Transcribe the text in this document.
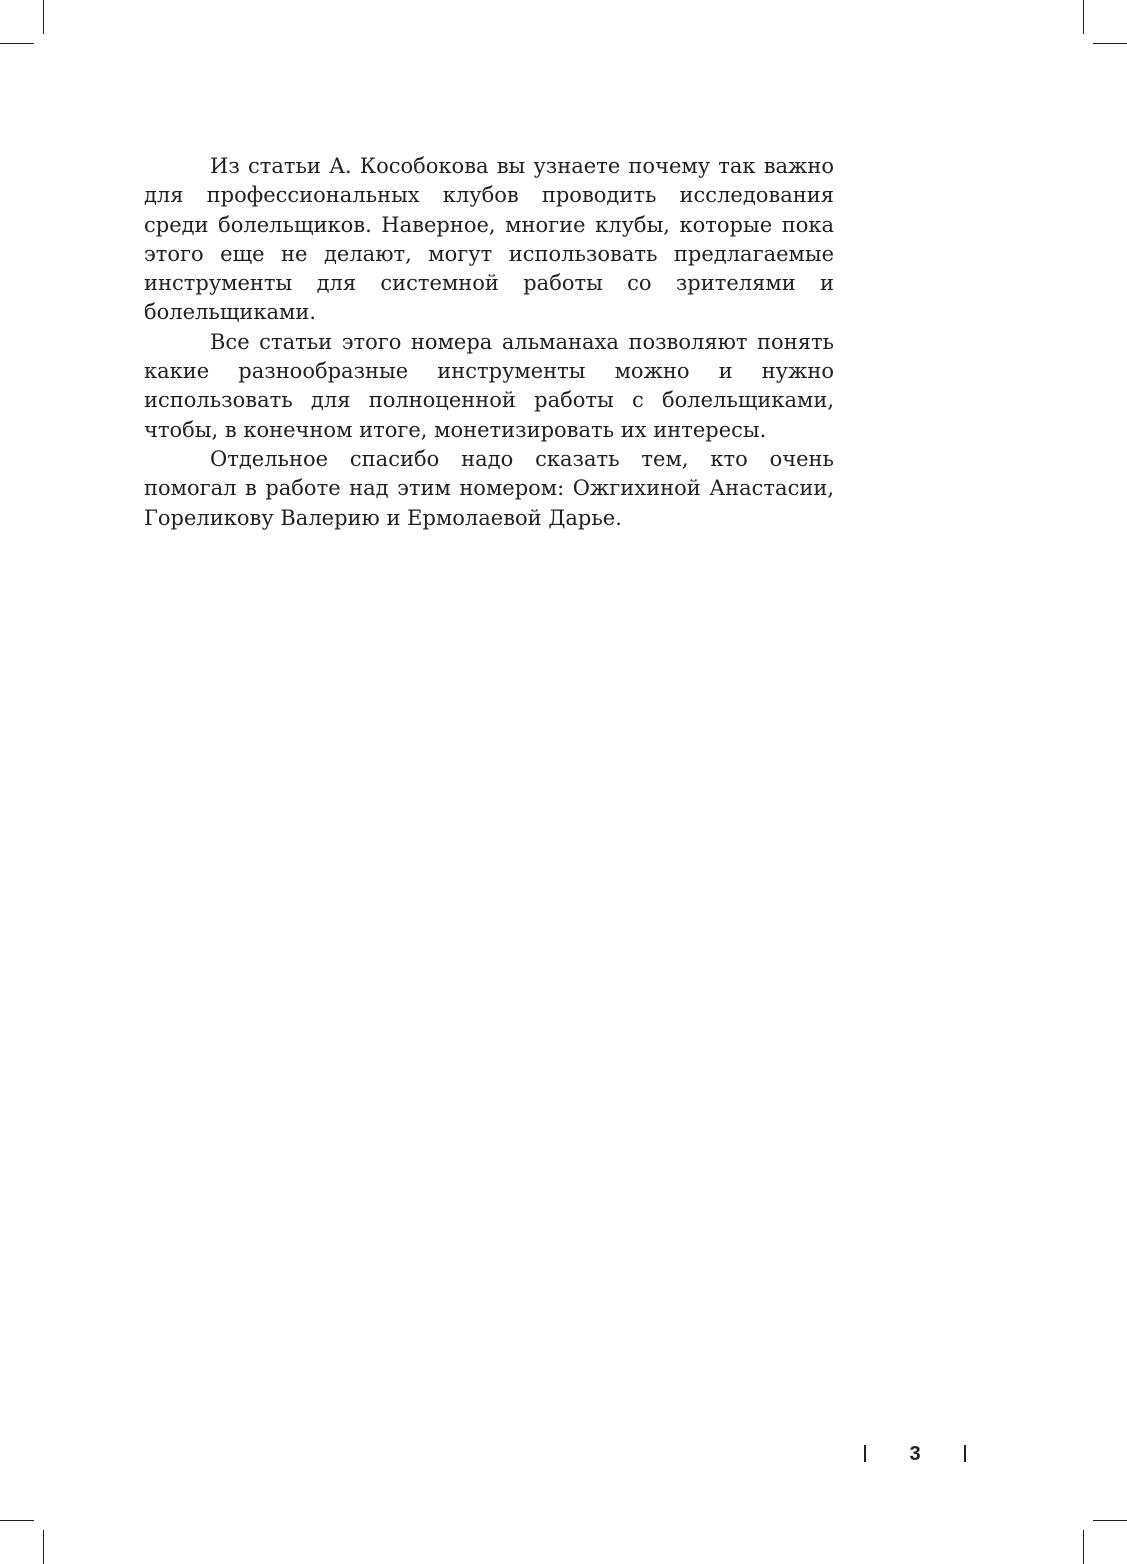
Из статьи А. Кособокова вы узнаете почему так важно для профессиональных клубов проводить исследования среди болельщиков. Наверное, многие клубы, которые пока этого еще не делают, могут использовать предлагаемые инструменты для системной работы со зрителями и болельщиками.

Все статьи этого номера альманаха позволяют понять какие разнообразные инструменты можно и нужно использовать для полноценной работы с болельщиками, чтобы, в конечном итоге, монетизировать их интересы.

Отдельное спасибо надо сказать тем, кто очень помогал в работе над этим номером: Ожгихиной Анастасии, Гореликову Валерию и Ермолаевой Дарье.

3
